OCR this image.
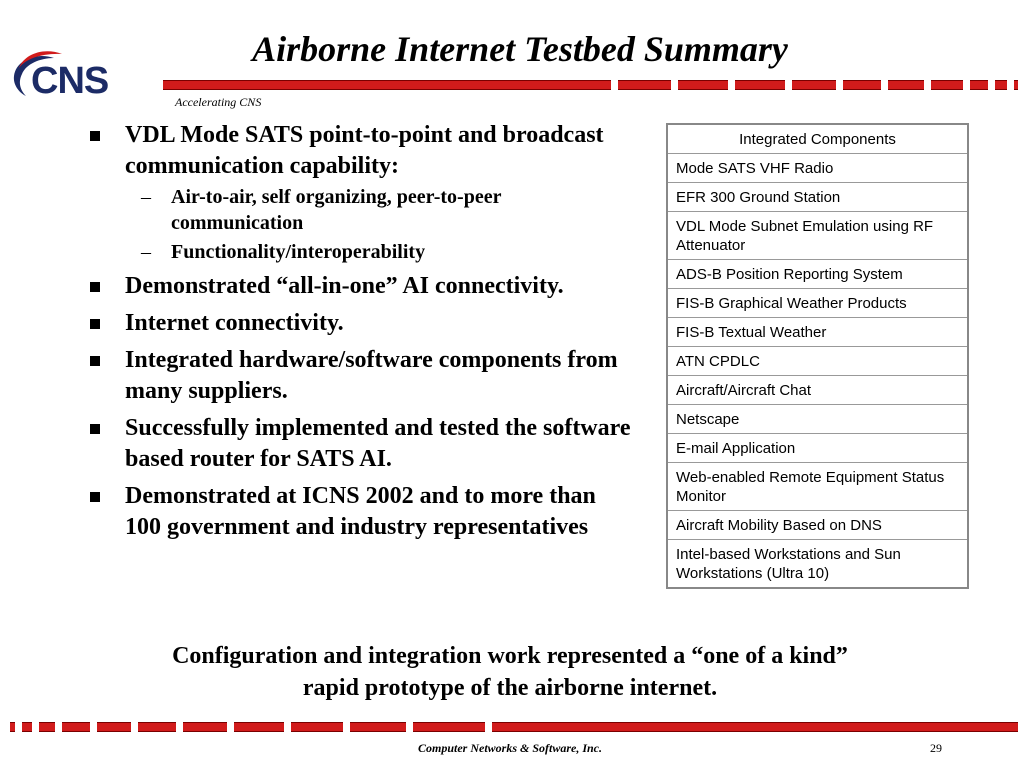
CNS
Airborne Internet Testbed Summary
Accelerating CNS
VDL Mode SATS point-to-point and broadcast communication capability:
– Air-to-air, self organizing, peer-to-peer communication
– Functionality/interoperability
Demonstrated “all-in-one” AI connectivity.
Internet connectivity.
Integrated hardware/software components from many suppliers.
Successfully implemented and tested the software based router for SATS AI.
Demonstrated at ICNS 2002 and to more than 100 government and industry representatives
Integrated Components
Mode SATS VHF Radio
EFR 300 Ground Station
VDL Mode Subnet Emulation using RF Attenuator
ADS-B Position Reporting System
FIS-B Graphical Weather Products
FIS-B Textual Weather
ATN CPDLC
Aircraft/Aircraft Chat
Netscape
E-mail Application
Web-enabled Remote Equipment Status Monitor
Aircraft Mobility Based on DNS
Intel-based Workstations and Sun Workstations (Ultra 10)
Configuration and integration work represented a “one of a kind” rapid prototype of the airborne internet.
Computer Networks & Software, Inc.	29
